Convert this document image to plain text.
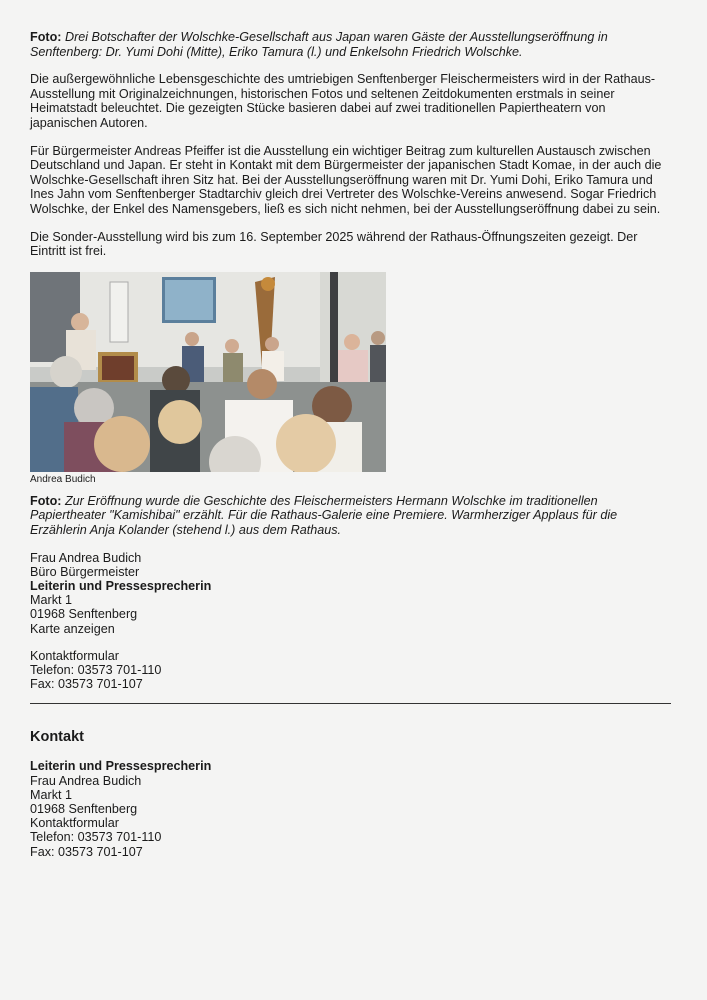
Foto: Drei Botschafter der Wolschke-Gesellschaft aus Japan waren Gäste der Ausstellungseröffnung in Senftenberg: Dr. Yumi Dohi (Mitte), Eriko Tamura (l.) und Enkelsohn Friedrich Wolschke.

Die außergewöhnliche Lebensgeschichte des umtriebigen Senftenberger Fleischermeisters wird in der Rathaus-Ausstellung mit Originalzeichnungen, historischen Fotos und seltenen Zeitdokumenten erstmals in seiner Heimatstadt beleuchtet. Die gezeigten Stücke basieren dabei auf zwei traditionellen Papiertheatern von japanischen Autoren.

Für Bürgermeister Andreas Pfeiffer ist die Ausstellung ein wichtiger Beitrag zum kulturellen Austausch zwischen Deutschland und Japan. Er steht in Kontakt mit dem Bürgermeister der japanischen Stadt Komae, in der auch die Wolschke-Gesellschaft ihren Sitz hat. Bei der Ausstellungseröffnung waren mit Dr. Yumi Dohi, Eriko Tamura und Ines Jahn vom Senftenberger Stadtarchiv gleich drei Vertreter des Wolschke-Vereins anwesend. Sogar Friedrich Wolschke, der Enkel des Namensgebers, ließ es sich nicht nehmen, bei der Ausstellungseröffnung dabei zu sein.

Die Sonder-Ausstellung wird bis zum 16. September 2025 während der Rathaus-Öffnungszeiten gezeigt. Der Eintritt ist frei.

Andrea Budich

Foto: Zur Eröffnung wurde die Geschichte des Fleischermeisters Hermann Wolschke im traditionellen Papiertheater "Kamishibai" erzählt. Für die Rathaus-Galerie eine Premiere. Warmherziger Applaus für die Erzählerin Anja Kolander (stehend l.) aus dem Rathaus.

Frau Andrea Budich

Büro Bürgermeister

Leiterin und Pressesprecherin

Markt 1

01968 Senftenberg

Karte anzeigen

Kontaktformular

Telefon: 03573 701-110

Fax: 03573 701-107

Kontakt

Leiterin und Pressesprecherin

Frau Andrea Budich

Markt 1

01968 Senftenberg

Kontaktformular

Telefon: 03573 701-110

Fax: 03573 701-107
